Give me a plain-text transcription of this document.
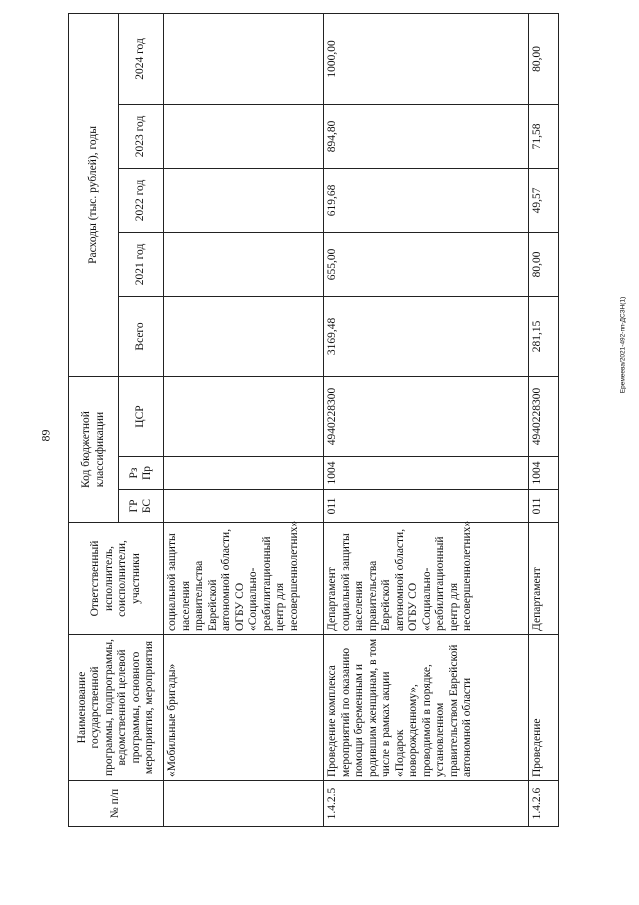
89
Еремеева/2021-492-пп-ДСЗН(1)
№ п/п	Наименование государственной программы, подпрограммы, ведомственной целевой программы, основного мероприятия, мероприятия	Ответственный исполнитель, соисполнители, участники	Код бюджетной классификации			Расходы (тыс. рублей), годы				
			ГР БС	Рз Пр	ЦСР	Всего	2021 год	2022 год	2023 год	2024 год

	«Мобильные бригады»	социальной защиты населения правительства Еврейской автономной области, ОГБУ СО «Социально-реабилитационный центр для несовершеннолетних»								
1.4.2.5	Проведение комплекса мероприятий по оказанию помощи беременным и родившим женщинам, в том числе в рамках акции «Подарок новорожденному», проводимой в порядке, установленном правительством Еврейской автономной области	Департамент социальной защиты населения правительства Еврейской автономной области, ОГБУ СО «Социально-реабилитационный центр для несовершеннолетних»	011	1004	4940228300	3169,48	655,00	619,68	894,80	1000,00
1.4.2.6	Проведение	Департамент	011	1004	4940228300	281,15	80,00	49,57	71,58	80,00
